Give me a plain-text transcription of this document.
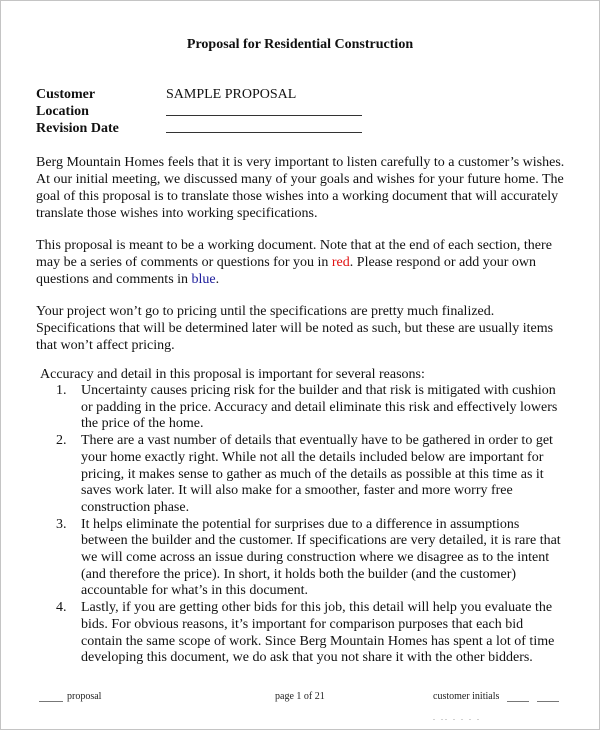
Proposal for Residential Construction
Customer	SAMPLE PROPOSAL
Location
Revision Date
Berg Mountain Homes feels that it is very important to listen carefully to a customer’s wishes. At our initial meeting, we discussed many of your goals and wishes for your future home. The goal of this proposal is to translate those wishes into a working document that will accurately translate those wishes into working specifications.
This proposal is meant to be a working document. Note that at the end of each section, there may be a series of comments or questions for you in red. Please respond or add your own questions and comments in blue.
Your project won’t go to pricing until the specifications are pretty much finalized. Specifications that will be determined later will be noted as such, but these are usually items that won’t affect pricing.
Accuracy and detail in this proposal is important for several reasons:
1.	Uncertainty causes pricing risk for the builder and that risk is mitigated with cushion or padding in the price. Accuracy and detail eliminate this risk and effectively lowers the price of the home.
2.	There are a vast number of details that eventually have to be gathered in order to get your home exactly right. While not all the details included below are important for pricing, it makes sense to gather as much of the details as possible at this time as it saves work later. It will also make for a smoother, faster and more worry free construction phase.
3.	It helps eliminate the potential for surprises due to a difference in assumptions between the builder and the customer. If specifications are very detailed, it is rare that we will come across an issue during construction where we disagree as to the intent (and therefore the price). In short, it holds both the builder (and the customer) accountable for what’s in this document.
4.	Lastly, if you are getting other bids for this job, this detail will help you evaluate the bids. For obvious reasons, it’s important for comparison purposes that each bid contain the same scope of work. Since Berg Mountain Homes has spent a lot of time developing this document, we do ask that you not share it with the other bidders.
proposal	page 1 of 21	customer initials
. .. . . . .
